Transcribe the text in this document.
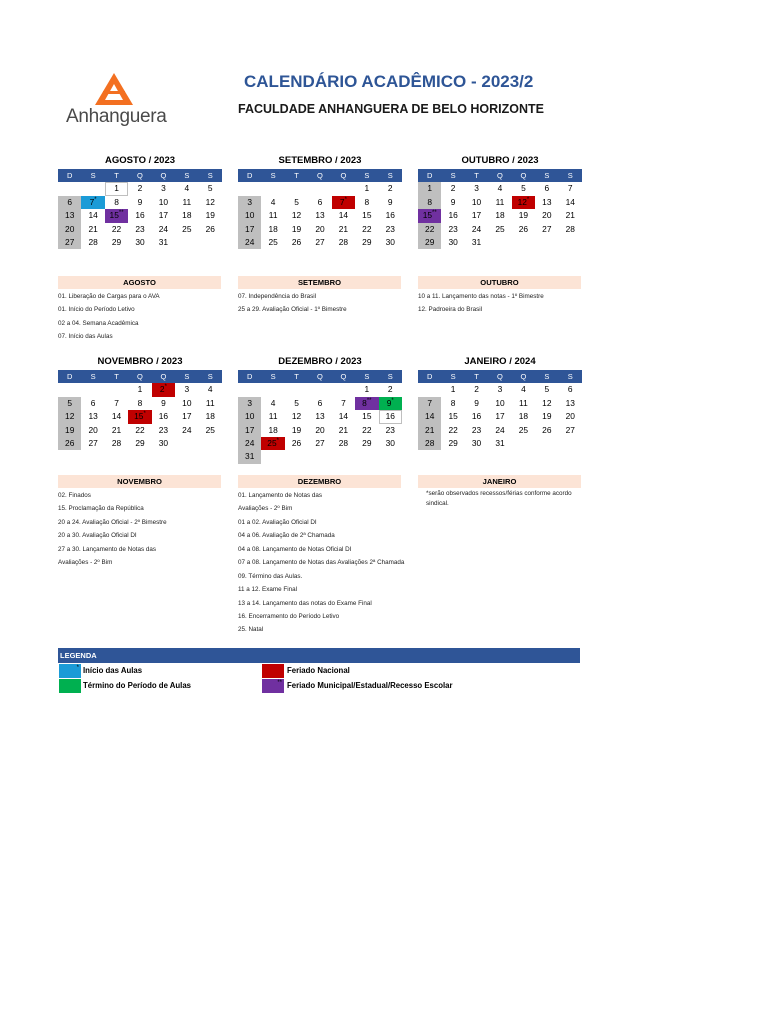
Anhanguera
CALENDÁRIO ACADÊMICO - 2023/2
FACULDADE ANHANGUERA DE BELO HORIZONTE
AGOSTO / 2023
D	S	T	Q	Q	S	S
		1	2	3	4	5
6	7*	8	9	10	11	12
13	14	15**	16	17	18	19
20	21	22	23	24	25	26
27	28	29	30	31		
SETEMBRO / 2023
D	S	T	Q	Q	S	S
					1	2
3	4	5	6	7*	8	9
10	11	12	13	14	15	16
17	18	19	20	21	22	23
24	25	26	27	28	29	30
OUTUBRO / 2023
D	S	T	Q	Q	S	S
1	2	3	4	5	6	7
8	9	10	11	12*	13	14
15**	16	17	18	19	20	21
22	23	24	25	26	27	28
29	30	31				
NOVEMBRO / 2023
D	S	T	Q	Q	S	S
			1	2*	3	4
5	6	7	8	9	10	11
12	13	14	15*	16	17	18
19	20	21	22	23	24	25
26	27	28	29	30		
DEZEMBRO / 2023
D	S	T	Q	Q	S	S
					1	2
3	4	5	6	7	8**	9*
10	11	12	13	14	15	16
17	18	19	20	21	22	23
24	25*	26	27	28	29	30
31						
JANEIRO / 2024
D	S	T	Q	Q	S	S
	1	2	3	4	5	6
7	8	9	10	11	12	13
14	15	16	17	18	19	20
21	22	23	24	25	26	27
28	29	30	31			
AGOSTO
01. Liberação de Cargas para o AVA
01. Início do Período Letivo
02 a 04. Semana Acadêmica
07. Início das Aulas
SETEMBRO
07. Independência do Brasil
25 a 29. Avaliação Oficial - 1º Bimestre
OUTUBRO
10 a 11. Lançamento das notas - 1º Bimestre
12. Padroeira do Brasil
NOVEMBRO
02. Finados
15. Proclamação da República
20 a 24. Avaliação Oficial - 2º Bimestre
20 a 30. Avaliação Oficial DI
27 a 30. Lançamento de Notas das
Avaliações - 2º Bim
DEZEMBRO
01. Lançamento de Notas das
Avaliações - 2º Bim
01 a 02. Avaliação Oficial DI
04 a 06. Avaliação de 2ª Chamada
04 a 08. Lançamento de Notas Oficial DI
07 a 08. Lançamento de Notas das Avaliações 2ª Chamada
09. Término das Aulas.
11 a 12. Exame Final
13 a 14. Lançamento das notas do Exame Final
16. Encerramento do Período Letivo
25. Natal
JANEIRO
*serão observados recessos/férias conforme acordo sindical.
LEGENDA
* Início das Aulas
Término do Período de Aulas
Feriado Nacional
** Feriado Municipal/Estadual/Recesso Escolar
